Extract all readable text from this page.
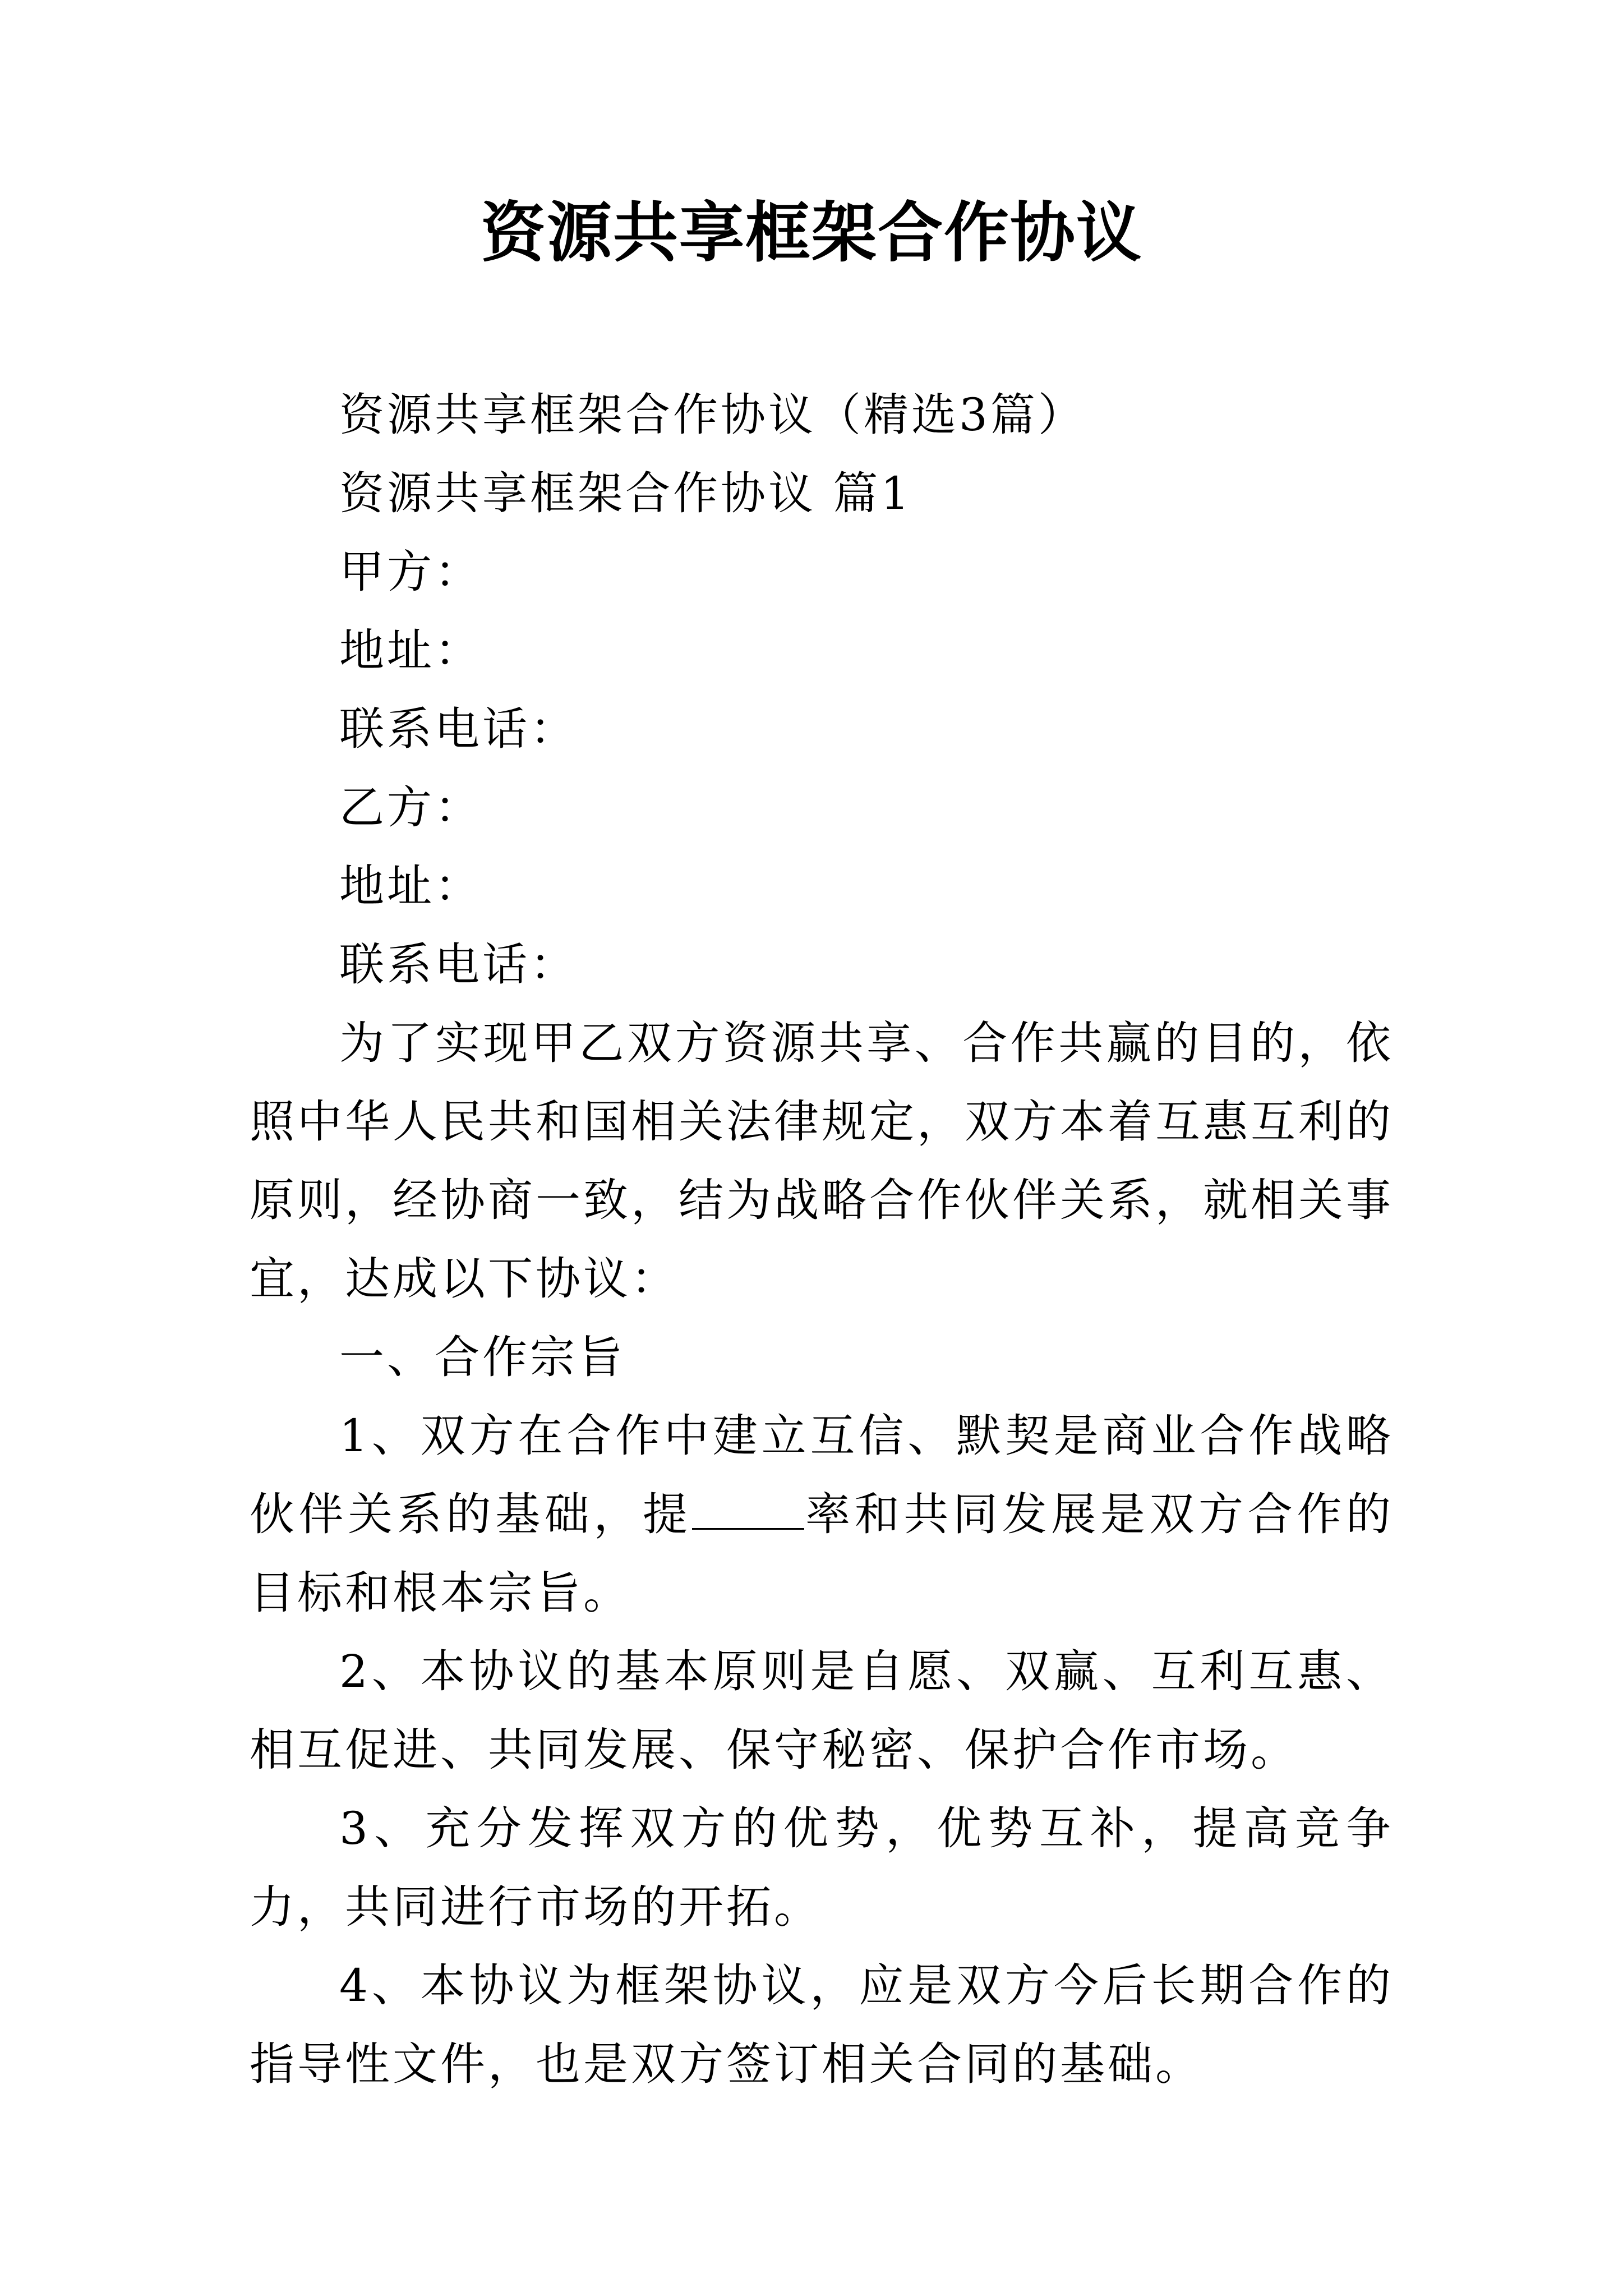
资源共享框架合作协议

资源共享框架合作协议（精选3篇）

资源共享框架合作协议 篇1

甲方：

地址：

联系电话：

乙方：

地址：

联系电话：

为了实现甲乙双方资源共享、合作共赢的目的，依照中华人民共和国相关法律规定，双方本着互惠互利的原则，经协商一致，结为战略合作伙伴关系，就相关事宜，达成以下协议：

一、合作宗旨

1、双方在合作中建立互信、默契是商业合作战略伙伴关系的基础，提	率和共同发展是双方合作的目标和根本宗旨。

2、本协议的基本原则是自愿、双赢、互利互惠、相互促进、共同发展、保守秘密、保护合作市场。

3、充分发挥双方的优势，优势互补，提高竞争力，共同进行市场的开拓。

4、本协议为框架协议，应是双方今后长期合作的指导性文件，也是双方签订相关合同的基础。
